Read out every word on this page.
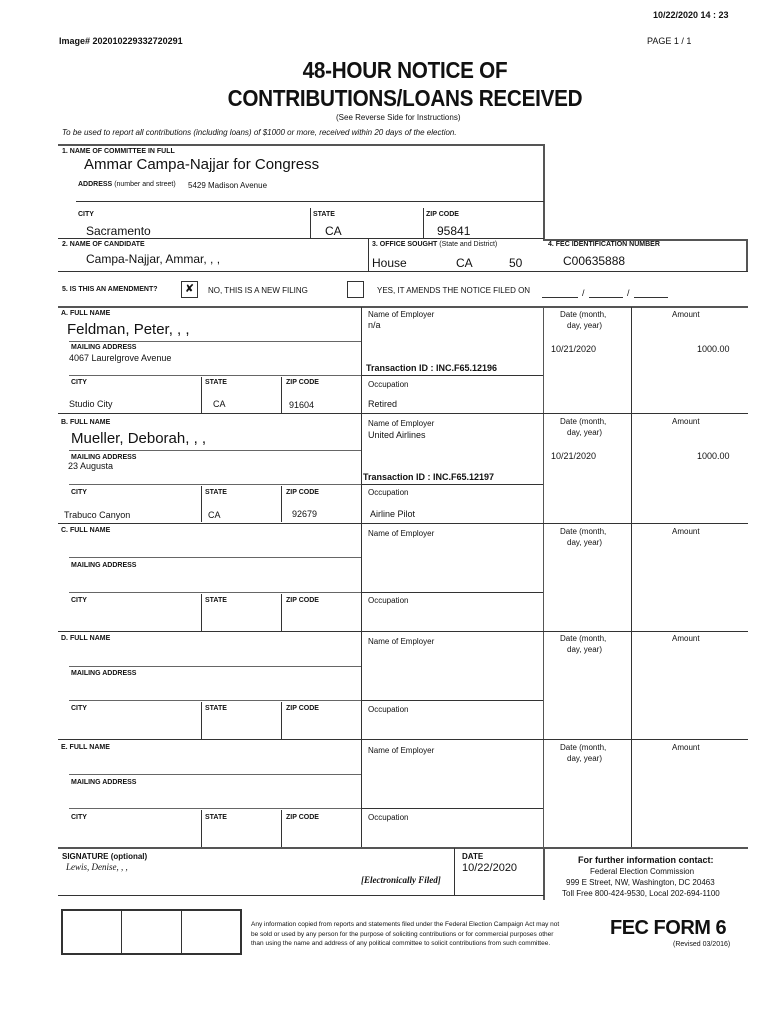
10/22/2020 14 : 23
Image# 202010229332720291	PAGE 1 / 1
48-HOUR NOTICE OF
CONTRIBUTIONS/LOANS RECEIVED
(See Reverse Side for Instructions)
To be used to report all contributions (including loans) of $1000 or more, received within 20 days of the election.
1. NAME OF COMMITTEE IN FULL
Ammar Campa-Najjar for Congress
ADDRESS (number and street) 5429 Madison Avenue
CITY
Sacramento
STATE
CA
ZIP CODE
95841
2. NAME OF CANDIDATE
Campa-Najjar, Ammar, , ,
3. OFFICE SOUGHT (State and District)
House	CA	50
4. FEC IDENTIFICATION NUMBER
C00635888
5. IS THIS AN AMENDMENT?	✘	NO, THIS IS A NEW FILING	YES, IT AMENDS THE NOTICE FILED ON	/	/
A. FULL NAME
Feldman, Peter, , ,
MAILING ADDRESS
4067 Laurelgrove Avenue
CITY	STATE	ZIP CODE
Studio City	CA	91604
Name of Employer
n/a
Transaction ID : INC.F65.12196
Occupation
Retired
Date (month,
day, year)
Amount
10/21/2020	1000.00
B. FULL NAME
Mueller, Deborah, , ,
MAILING ADDRESS
23 Augusta
CITY	STATE	ZIP CODE
Trabuco Canyon	CA	92679
Name of Employer
United Airlines
Transaction ID : INC.F65.12197
Occupation
Airline Pilot
Date (month,
day, year)
Amount
10/21/2020	1000.00
C. FULL NAME
MAILING ADDRESS
CITY	STATE	ZIP CODE
Name of Employer
Occupation
Date (month,
day, year)
Amount
D. FULL NAME
MAILING ADDRESS
CITY	STATE	ZIP CODE
Name of Employer
Occupation
Date (month,
day, year)
Amount
E. FULL NAME
MAILING ADDRESS
CITY	STATE	ZIP CODE
Name of Employer
Occupation
Date (month,
day, year)
Amount
SIGNATURE (optional)
Lewis, Denise, , ,
[Electronically Filed]
DATE
10/22/2020
For further information contact:
Federal Election Commission
999 E Street, NW, Washington, DC 20463
Toll Free 800-424-9530, Local 202-694-1100
Any information copied from reports and statements filed under the Federal Election Campaign Act may not
be sold or used by any person for the purpose of soliciting contributions or for commercial purposes other
than using the name and address of any political committee to solicit contributions from such committee.
FEC FORM 6
(Revised 03/2016)
